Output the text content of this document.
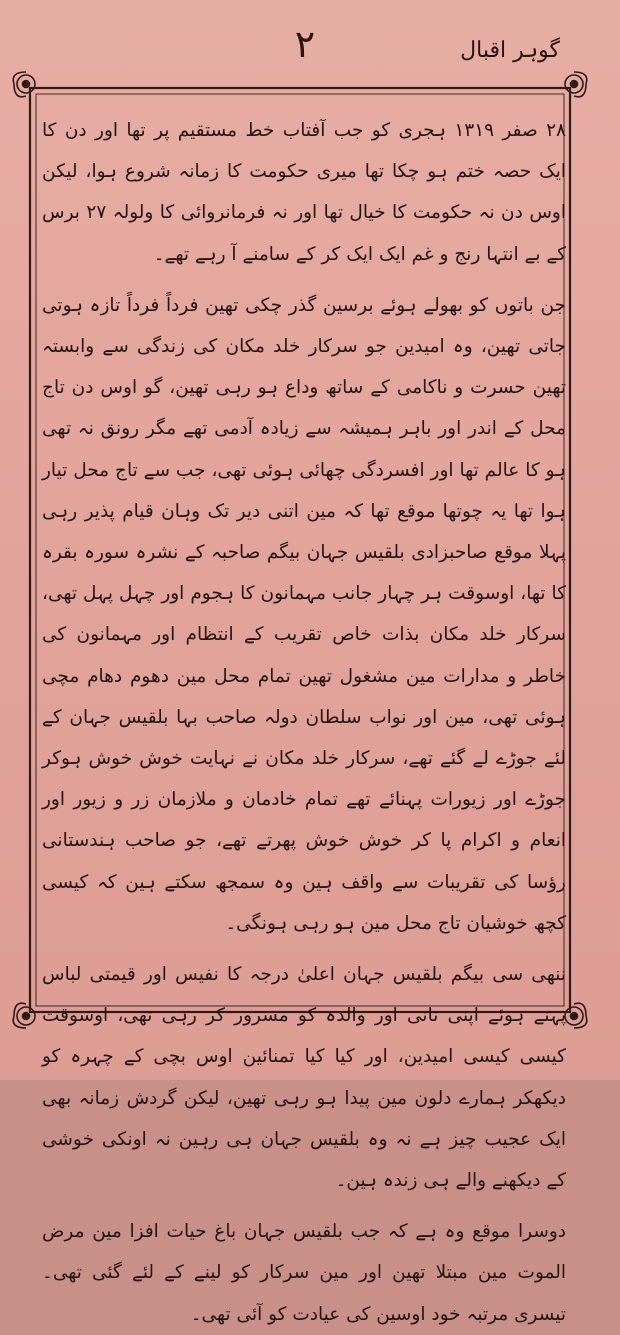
۲	گوہر اقبال

۲۸ صفر ۱۳۱۹ ہجری کو جب آفتاب خط مستقیم پر تھا اور دن کا ایک حصہ ختم ہو چکا تھا میری حکومت کا زمانہ شروع ہوا، لیکن اوس دن نہ حکومت کا خیال تھا اور نہ فرمانروائی کا ولولہ ۲۷ برس کے بے انتہا رنج و غم ایک ایک کر کے سامنے آ رہے تھے۔

جن باتوں کو بھولے ہوئے برسین گذر چکی تھین فرداً فرداً تازہ ہوتی جاتی تھین، وہ امیدین جو سرکار خلد مکان کی زندگی سے وابستہ تھین حسرت و ناکامی کے ساتھ وداع ہو رہی تھین، گو اوس دن تاج محل کے اندر اور باہر ہمیشہ سے زیادہ آدمی تھے مگر رونق نہ تھی ہو کا عالم تھا اور افسردگی چھائی ہوئی تھی، جب سے تاج محل تیار ہوا تھا یہ چوتھا موقع تھا کہ مین اتنی دیر تک وہان قیام پذیر رہی پہلا موقع صاحبزادی بلقیس جہان بیگم صاحبہ کے نشرہ سورہ بقرہ کا تھا، اوسوقت ہر چہار جانب مہمانون کا ہجوم اور چہل پہل تھی، سرکار خلد مکان بذات خاص تقریب کے انتظام اور مہمانون کی خاطر و مدارات مین مشغول تھین تمام محل مین دھوم دھام مچی ہوئی تھی، مین اور نواب سلطان دولہ صاحب بہا بلقیس جہان کے لئے جوڑے لے گئے تھے، سرکار خلد مکان نے نہایت خوش خوش ہوکر جوڑے اور زیورات پہنائے تھے تمام خادمان و ملازمان زر و زیور اور انعام و اکرام پا کر خوش خوش پھرتے تھے، جو صاحب ہندستانی رؤسا کی تقریبات سے واقف ہین وہ سمجھ سکتے ہین کہ کیسی کچھ خوشیان تاج محل مین ہو رہی ہونگی۔

ننھی سی بیگم بلقیس جہان اعلیٰ درجہ کا نفیس اور قیمتی لباس پہنے ہوئے اپنی نانی اور والدہ کو مسرور کر رہی تھی، اوسوقت کیسی کیسی امیدین، اور کیا کیا تمنائین اوس بچی کے چہرہ کو دیکھکر ہمارے دلون مین پیدا ہو رہی تھین، لیکن گردش زمانہ بھی ایک عجیب چیز ہے نہ وہ بلقیس جہان ہی رہین نہ اونکی خوشی کے دیکھنے والے ہی زندہ ہین۔

دوسرا موقع وہ ہے کہ جب بلقیس جہان باغ حیات افزا مین مرض الموت مین مبتلا تھین اور مین سرکار کو لینے کے لئے گئی تھی۔ تیسری مرتبہ خود اوسین کی عیادت کو آئی تھی۔
